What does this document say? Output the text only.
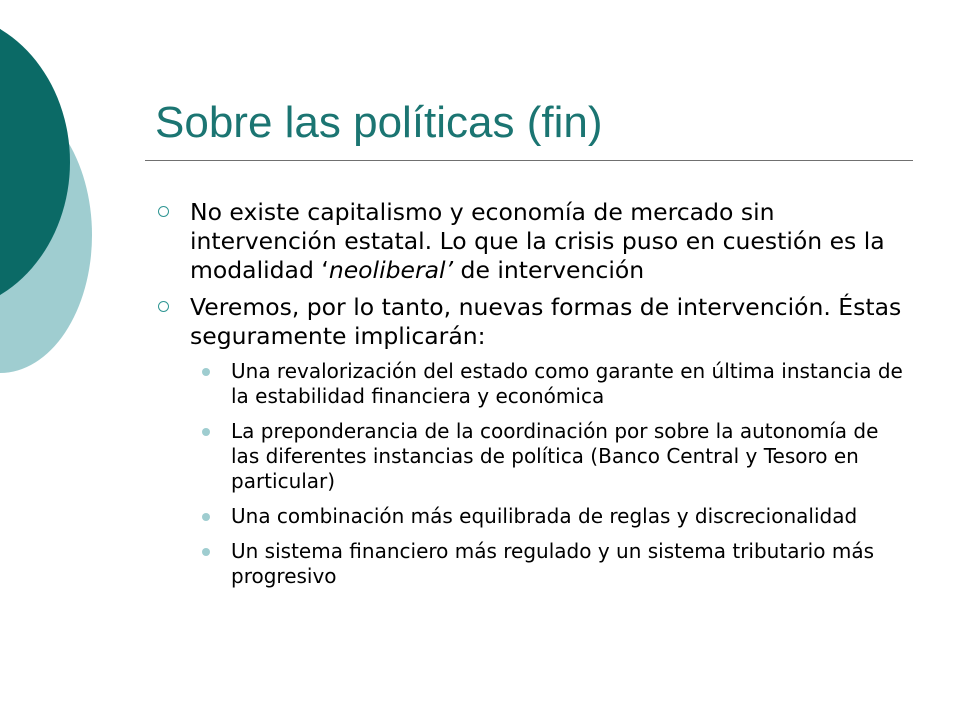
Sobre las políticas (fin)

No existe capitalismo y economía de mercado sin intervención estatal. Lo que la crisis puso en cuestión es la modalidad ‘neoliberal’ de intervención

Veremos, por lo tanto, nuevas formas de intervención. Éstas seguramente implicarán:

Una revalorización del estado como garante en última instancia de la estabilidad financiera y económica

La preponderancia de la coordinación por sobre la autonomía de las diferentes instancias de política (Banco Central y Tesoro en particular)

Una combinación más equilibrada de reglas y discrecionalidad

Un sistema financiero más regulado y un sistema tributario más progresivo
